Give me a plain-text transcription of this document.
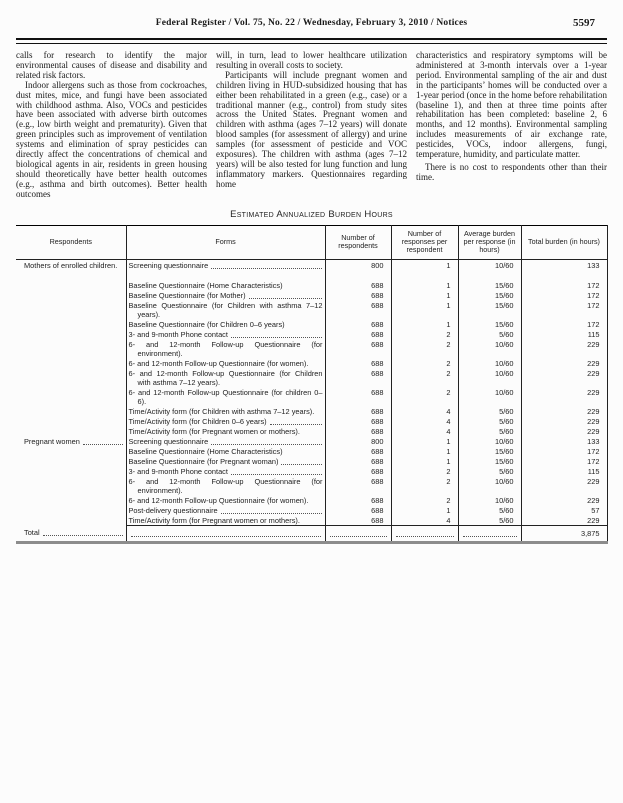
Federal Register / Vol. 75, No. 22 / Wednesday, February 3, 2010 / Notices	5597

calls for research to identify the major environmental causes of disease and disability and related risk factors.

Indoor allergens such as those from cockroaches, dust mites, mice, and fungi have been associated with childhood asthma. Also, VOCs and pesticides have been associated with adverse birth outcomes (e.g., low birth weight and prematurity). Given that green principles such as improvement of ventilation systems and elimination of spray pesticides can directly affect the concentrations of chemical and biological agents in air, residents in green housing should theoretically have better health outcomes (e.g., asthma and birth outcomes). Better health outcomes

will, in turn, lead to lower healthcare utilization resulting in overall costs to society.

Participants will include pregnant women and children living in HUD-subsidized housing that has either been rehabilitated in a green (e.g., case) or a traditional manner (e.g., control) from study sites across the United States. Pregnant women and children with asthma (ages 7–12 years) will donate blood samples (for assessment of allergy) and urine samples (for assessment of pesticide and VOC exposures). The children with asthma (ages 7–12 years) will be also tested for lung function and lung inflammatory markers. Questionnaires regarding home

characteristics and respiratory symptoms will be administered at 3-month intervals over a 1-year period. Environmental sampling of the air and dust in the participants’ homes will be conducted over a 1-year period (once in the home before rehabilitation (baseline 1), and then at three time points after rehabilitation has been completed: baseline 2, 6 months, and 12 months). Environmental sampling includes measurements of air exchange rate, pesticides, VOCs, indoor allergens, fungi, temperature, humidity, and particulate matter.

There is no cost to respondents other than their time.

Estimated Annualized Burden Hours
Respondents	Forms	Number of respondents	Number of responses per respondent	Average burden per response (in hours)	Total burden (in hours)

Mothers of enrolled children.	Screening questionnaire	800	1	10/60	133

	Baseline Questionnaire (Home Characteristics)	688	1	15/60	172

	Baseline Questionnaire (for Mother)	688	1	15/60	172

	Baseline Questionnaire (for Children with asthma 7–12 years).	688	1	15/60	172

	Baseline Questionnaire (for Children 0–6 years)	688	1	15/60	172

	3- and 9-month Phone contact	688	2	5/60	115

	6- and 12-month Follow-up Questionnaire (for environment).	688	2	10/60	229

	6- and 12-month Follow-up Questionnaire (for women).	688	2	10/60	229

	6- and 12-month Follow-up Questionnaire (for Children with asthma 7–12 years).	688	2	10/60	229

	6- and 12-month Follow-up Questionnaire (for children 0–6).	688	2	10/60	229

	Time/Activity form (for Children with asthma 7–12 years).	688	4	5/60	229

	Time/Activity form (for Children 0–6 years)	688	4	5/60	229

	Time/Activity form (for Pregnant women or mothers).	688	4	5/60	229

Pregnant women	Screening questionnaire	800	1	10/60	133

	Baseline Questionnaire (Home Characteristics)	688	1	15/60	172

	Baseline Questionnaire (for Pregnant woman)	688	1	15/60	172

	3- and 9-month Phone contact	688	2	5/60	115

	6- and 12-month Follow-up Questionnaire (for environment).	688	2	10/60	229

	6- and 12-month Follow-up Questionnaire (for women).	688	2	10/60	229

	Post-delivery questionnaire	688	1	5/60	57

	Time/Activity form (for Pregnant women or mothers).	688	4	5/60	229

Total					3,875
